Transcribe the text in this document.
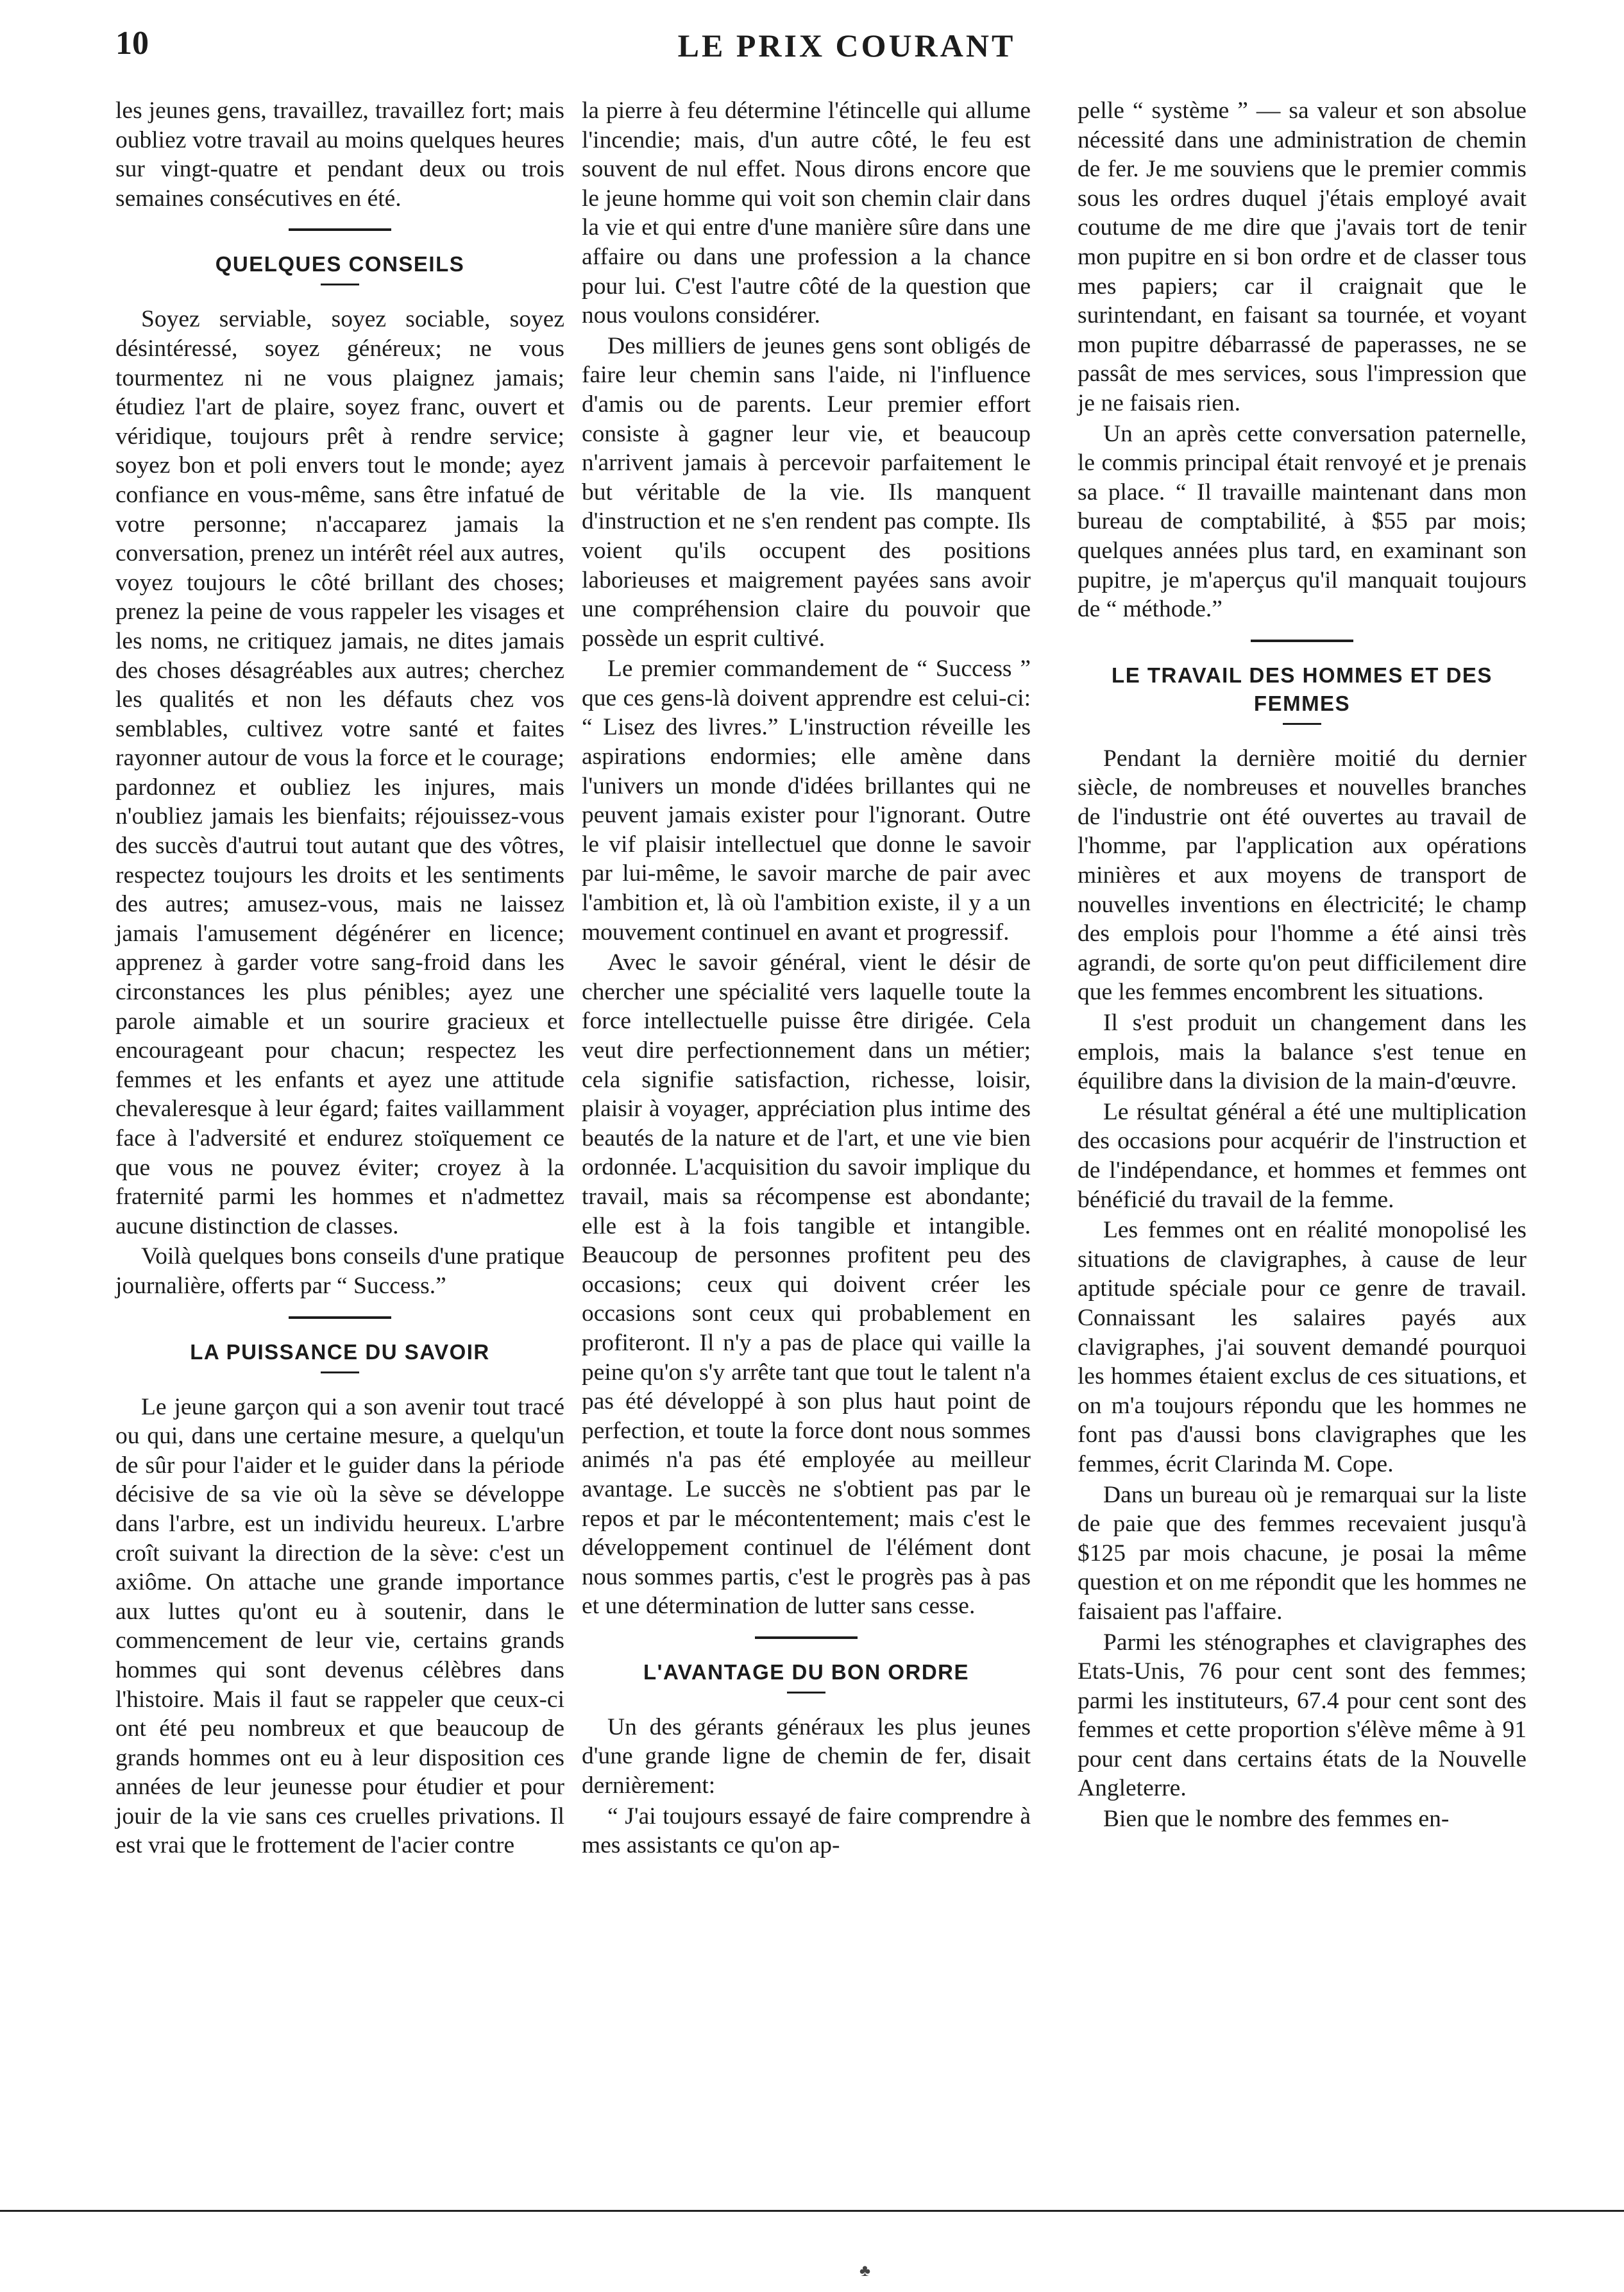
10	LE PRIX COURANT

les jeunes gens, travaillez, travaillez fort; mais oubliez votre travail au moins quelques heures sur vingt-quatre et pendant deux ou trois semaines consécutives en été.

QUELQUES CONSEILS

Soyez serviable, soyez sociable, soyez désintéressé, soyez généreux; ne vous tourmentez ni ne vous plaignez jamais; étudiez l'art de plaire, soyez franc, ouvert et véridique, toujours prêt à rendre service; soyez bon et poli envers tout le monde; ayez confiance en vous-même, sans être infatué de votre personne; n'accaparez jamais la conversation, prenez un intérêt réel aux autres, voyez toujours le côté brillant des choses; prenez la peine de vous rappeler les visages et les noms, ne critiquez jamais, ne dites jamais des choses désagréables aux autres; cherchez les qualités et non les défauts chez vos semblables, cultivez votre santé et faites rayonner autour de vous la force et le courage; pardonnez et oubliez les injures, mais n'oubliez jamais les bienfaits; réjouissez-vous des succès d'autrui tout autant que des vôtres, respectez toujours les droits et les sentiments des autres; amusez-vous, mais ne laissez jamais l'amusement dégénérer en licence; apprenez à garder votre sang-froid dans les circonstances les plus pénibles; ayez une parole aimable et un sourire gracieux et encourageant pour chacun; respectez les femmes et les enfants et ayez une attitude chevaleresque à leur égard; faites vaillamment face à l'adversité et endurez stoïquement ce que vous ne pouvez éviter; croyez à la fraternité parmi les hommes et n'admettez aucune distinction de classes.

Voilà quelques bons conseils d'une pratique journalière, offerts par “ Success.”

LA PUISSANCE DU SAVOIR

Le jeune garçon qui a son avenir tout tracé ou qui, dans une certaine mesure, a quelqu'un de sûr pour l'aider et le guider dans la période décisive de sa vie où la sève se développe dans l'arbre, est un individu heureux. L'arbre croît suivant la direction de la sève: c'est un axiôme. On attache une grande importance aux luttes qu'ont eu à soutenir, dans le commencement de leur vie, certains grands hommes qui sont devenus célèbres dans l'histoire. Mais il faut se rappeler que ceux-ci ont été peu nombreux et que beaucoup de grands hommes ont eu à leur disposition ces années de leur jeunesse pour étudier et pour jouir de la vie sans ces cruelles privations. Il est vrai que le frottement de l'acier contre

la pierre à feu détermine l'étincelle qui allume l'incendie; mais, d'un autre côté, le feu est souvent de nul effet. Nous dirons encore que le jeune homme qui voit son chemin clair dans la vie et qui entre d'une manière sûre dans une affaire ou dans une profession a la chance pour lui. C'est l'autre côté de la question que nous voulons considérer.

Des milliers de jeunes gens sont obligés de faire leur chemin sans l'aide, ni l'influence d'amis ou de parents. Leur premier effort consiste à gagner leur vie, et beaucoup n'arrivent jamais à percevoir parfaitement le but véritable de la vie. Ils manquent d'instruction et ne s'en rendent pas compte. Ils voient qu'ils occupent des positions laborieuses et maigrement payées sans avoir une compréhension claire du pouvoir que possède un esprit cultivé.

Le premier commandement de “ Success ” que ces gens-là doivent apprendre est celui-ci: “ Lisez des livres.” L'instruction réveille les aspirations endormies; elle amène dans l'univers un monde d'idées brillantes qui ne peuvent jamais exister pour l'ignorant. Outre le vif plaisir intellectuel que donne le savoir par lui-même, le savoir marche de pair avec l'ambition et, là où l'ambition existe, il y a un mouvement continuel en avant et progressif.

Avec le savoir général, vient le désir de chercher une spécialité vers laquelle toute la force intellectuelle puisse être dirigée. Cela veut dire perfectionnement dans un métier; cela signifie satisfaction, richesse, loisir, plaisir à voyager, appréciation plus intime des beautés de la nature et de l'art, et une vie bien ordonnée. L'acquisition du savoir implique du travail, mais sa récompense est abondante; elle est à la fois tangible et intangible. Beaucoup de personnes profitent peu des occasions; ceux qui doivent créer les occasions sont ceux qui probablement en profiteront. Il n'y a pas de place qui vaille la peine qu'on s'y arrête tant que tout le talent n'a pas été développé à son plus haut point de perfection, et toute la force dont nous sommes animés n'a pas été employée au meilleur avantage. Le succès ne s'obtient pas par le repos et par le mécontentement; mais c'est le développement continuel de l'élément dont nous sommes partis, c'est le progrès pas à pas et une détermination de lutter sans cesse.

L'AVANTAGE DU BON ORDRE

Un des gérants généraux les plus jeunes d'une grande ligne de chemin de fer, disait dernièrement:

“ J'ai toujours essayé de faire comprendre à mes assistants ce qu'on ap-

pelle “ système ” — sa valeur et son absolue nécessité dans une administration de chemin de fer. Je me souviens que le premier commis sous les ordres duquel j'étais employé avait coutume de me dire que j'avais tort de tenir mon pupitre en si bon ordre et de classer tous mes papiers; car il craignait que le surintendant, en faisant sa tournée, et voyant mon pupitre débarrassé de paperasses, ne se passât de mes services, sous l'impression que je ne faisais rien.

Un an après cette conversation paternelle, le commis principal était renvoyé et je prenais sa place. “ Il travaille maintenant dans mon bureau de comptabilité, à $55 par mois; quelques années plus tard, en examinant son pupitre, je m'aperçus qu'il manquait toujours de “ méthode.”

LE TRAVAIL DES HOMMES ET DES FEMMES

Pendant la dernière moitié du dernier siècle, de nombreuses et nouvelles branches de l'industrie ont été ouvertes au travail de l'homme, par l'application aux opérations minières et aux moyens de transport de nouvelles inventions en électricité; le champ des emplois pour l'homme a été ainsi très agrandi, de sorte qu'on peut difficilement dire que les femmes encombrent les situations.

Il s'est produit un changement dans les emplois, mais la balance s'est tenue en équilibre dans la division de la main-d'œuvre.

Le résultat général a été une multiplication des occasions pour acquérir de l'instruction et de l'indépendance, et hommes et femmes ont bénéficié du travail de la femme.

Les femmes ont en réalité monopolisé les situations de clavigraphes, à cause de leur aptitude spéciale pour ce genre de travail. Connaissant les salaires payés aux clavigraphes, j'ai souvent demandé pourquoi les hommes étaient exclus de ces situations, et on m'a toujours répondu que les hommes ne font pas d'aussi bons clavigraphes que les femmes, écrit Clarinda M. Cope.

Dans un bureau où je remarquai sur la liste de paie que des femmes recevaient jusqu'à $125 par mois chacune, je posai la même question et on me répondit que les hommes ne faisaient pas l'affaire.

Parmi les sténographes et clavigraphes des Etats-Unis, 76 pour cent sont des femmes; parmi les instituteurs, 67.4 pour cent sont des femmes et cette proportion s'élève même à 91 pour cent dans certains états de la Nouvelle Angleterre.

Bien que le nombre des femmes en-

♣
